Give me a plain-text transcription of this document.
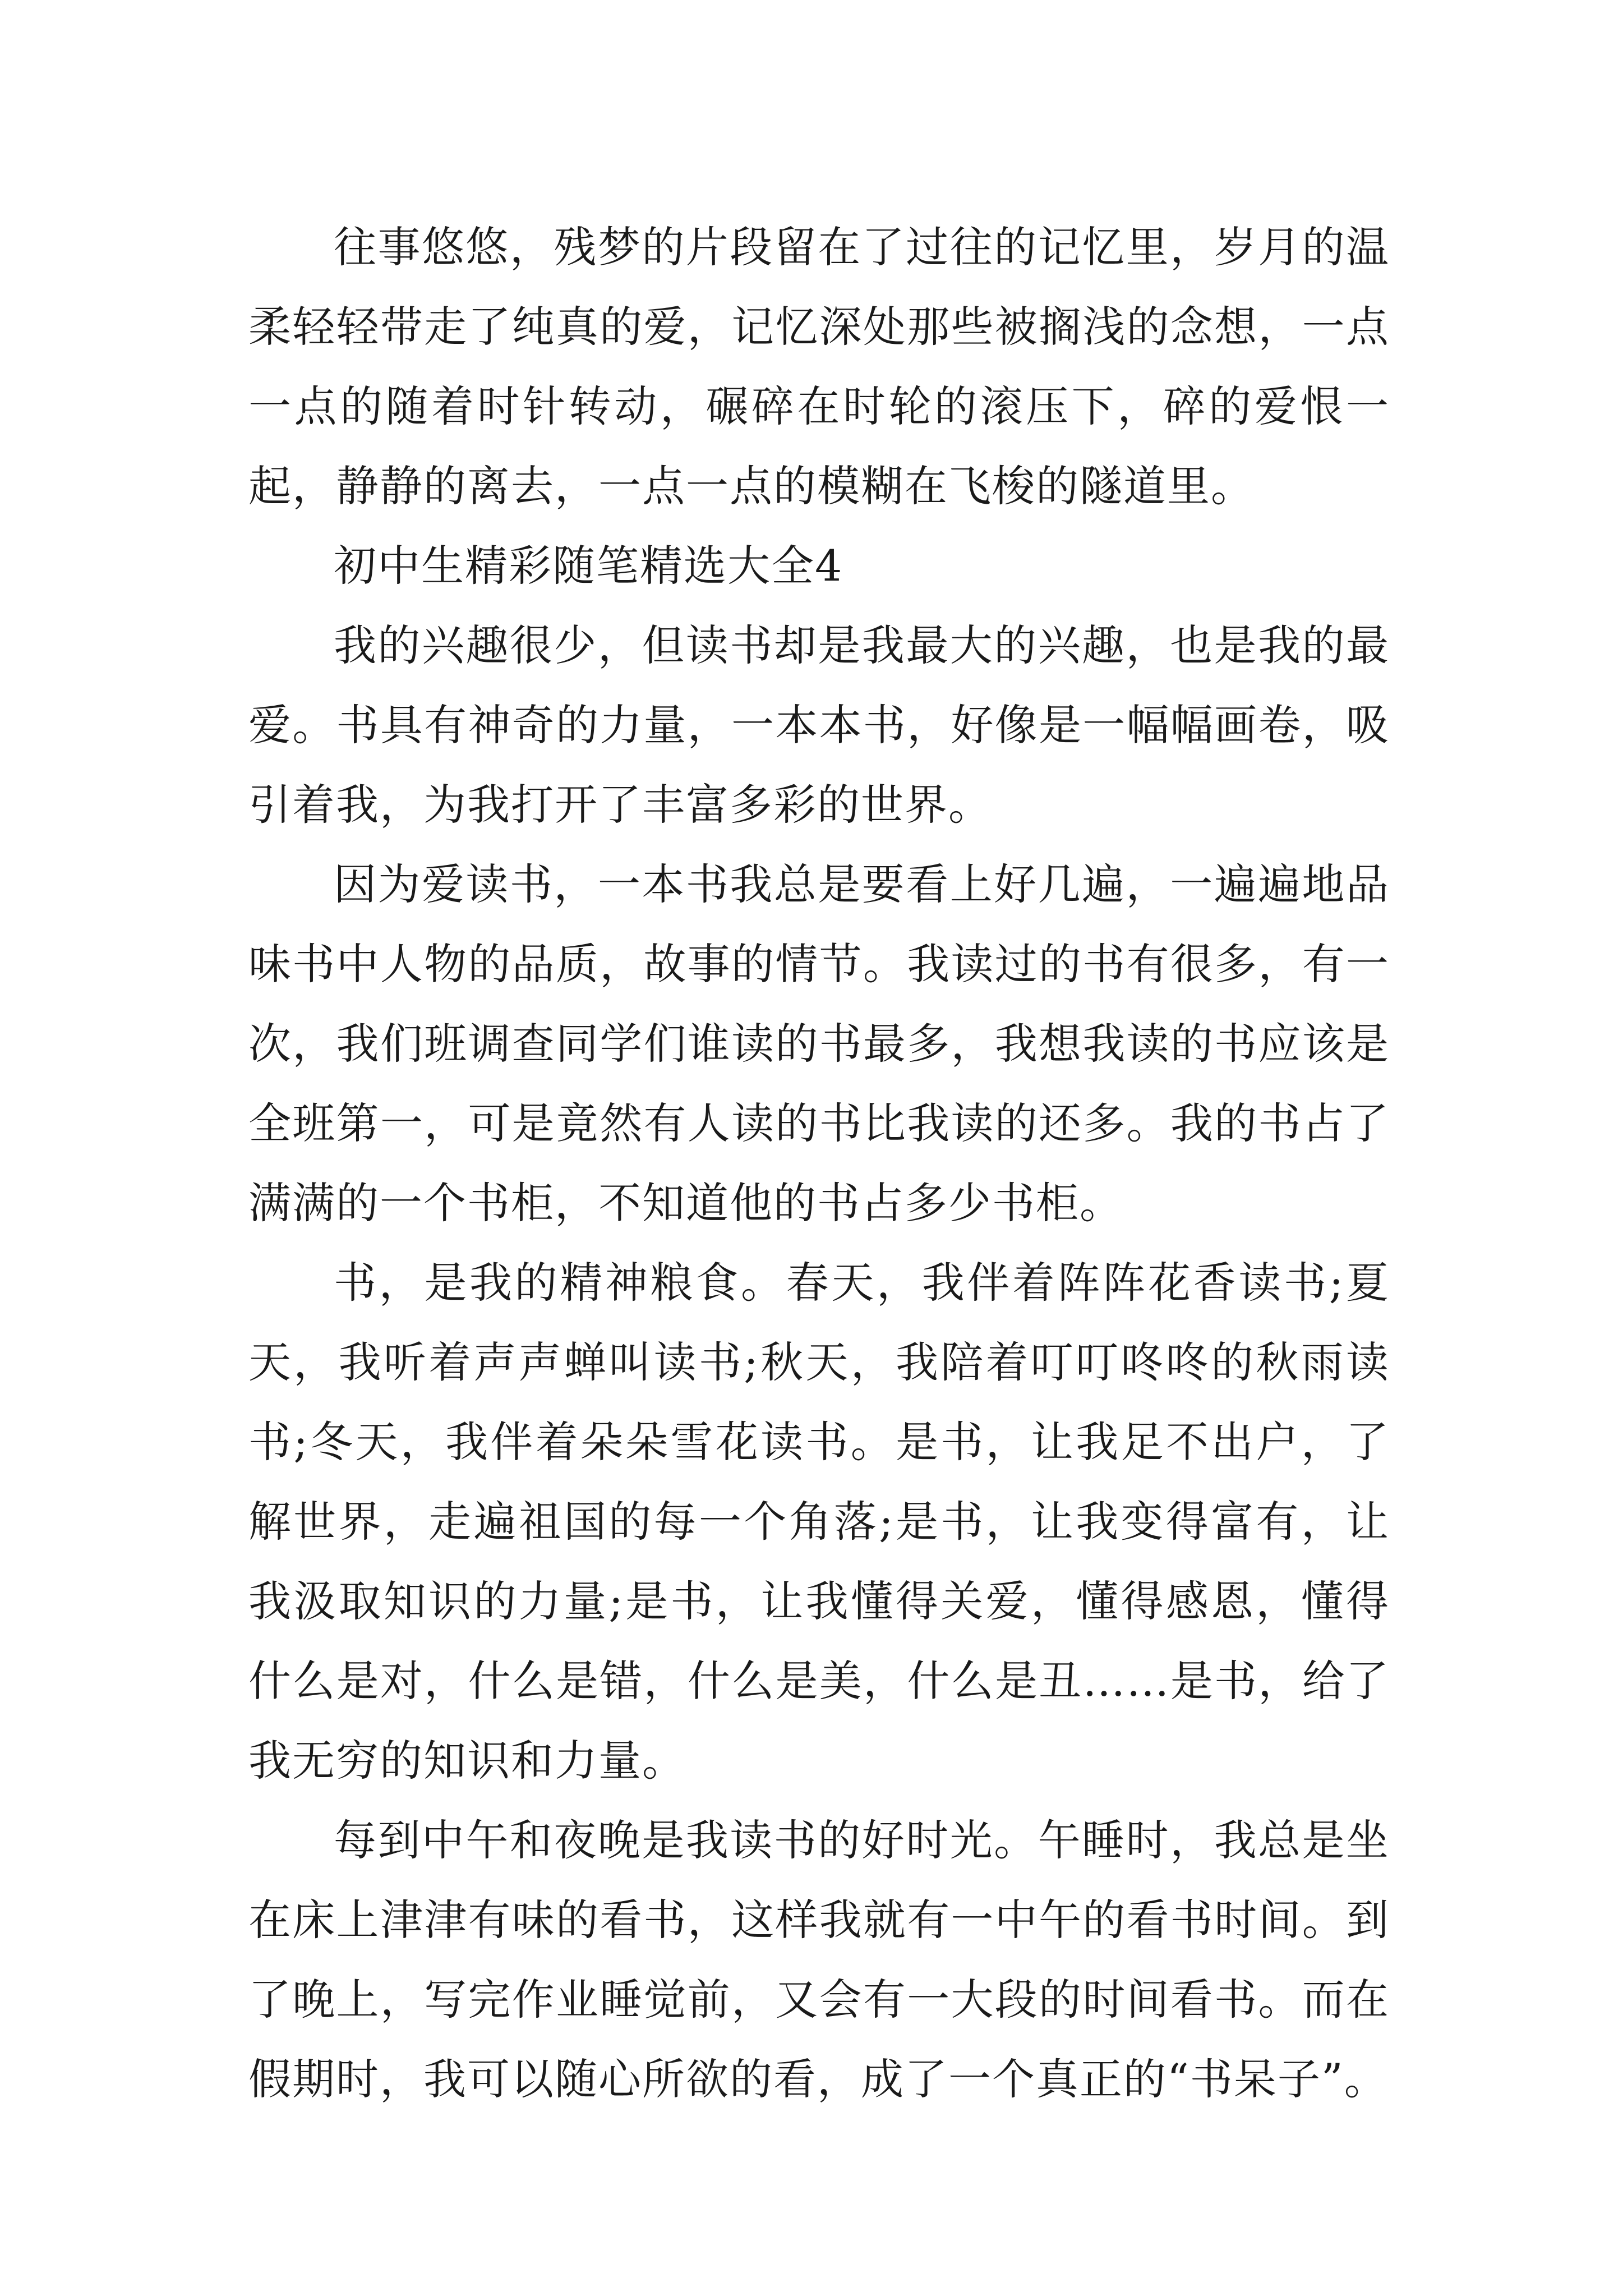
往事悠悠，残梦的片段留在了过往的记忆里，岁月的温柔轻轻带走了纯真的爱，记忆深处那些被搁浅的念想，一点一点的随着时针转动，碾碎在时轮的滚压下，碎的爱恨一起，静静的离去，一点一点的模糊在飞梭的隧道里。

初中生精彩随笔精选大全4

我的兴趣很少，但读书却是我最大的兴趣，也是我的最爱。书具有神奇的力量，一本本书，好像是一幅幅画卷，吸引着我，为我打开了丰富多彩的世界。

因为爱读书，一本书我总是要看上好几遍，一遍遍地品味书中人物的品质，故事的情节。我读过的书有很多，有一次，我们班调查同学们谁读的书最多，我想我读的书应该是全班第一，可是竟然有人读的书比我读的还多。我的书占了满满的一个书柜，不知道他的书占多少书柜。

书，是我的精神粮食。春天，我伴着阵阵花香读书;夏天，我听着声声蝉叫读书;秋天，我陪着叮叮咚咚的秋雨读书;冬天，我伴着朵朵雪花读书。是书，让我足不出户，了解世界，走遍祖国的每一个角落;是书，让我变得富有，让我汲取知识的力量;是书，让我懂得关爱，懂得感恩，懂得什么是对，什么是错，什么是美，什么是丑……是书，给了我无穷的知识和力量。

每到中午和夜晚是我读书的好时光。午睡时，我总是坐在床上津津有味的看书，这样我就有一中午的看书时间。到了晚上，写完作业睡觉前，又会有一大段的时间看书。而在假期时，我可以随心所欲的看，成了一个真正的“书呆子”。
